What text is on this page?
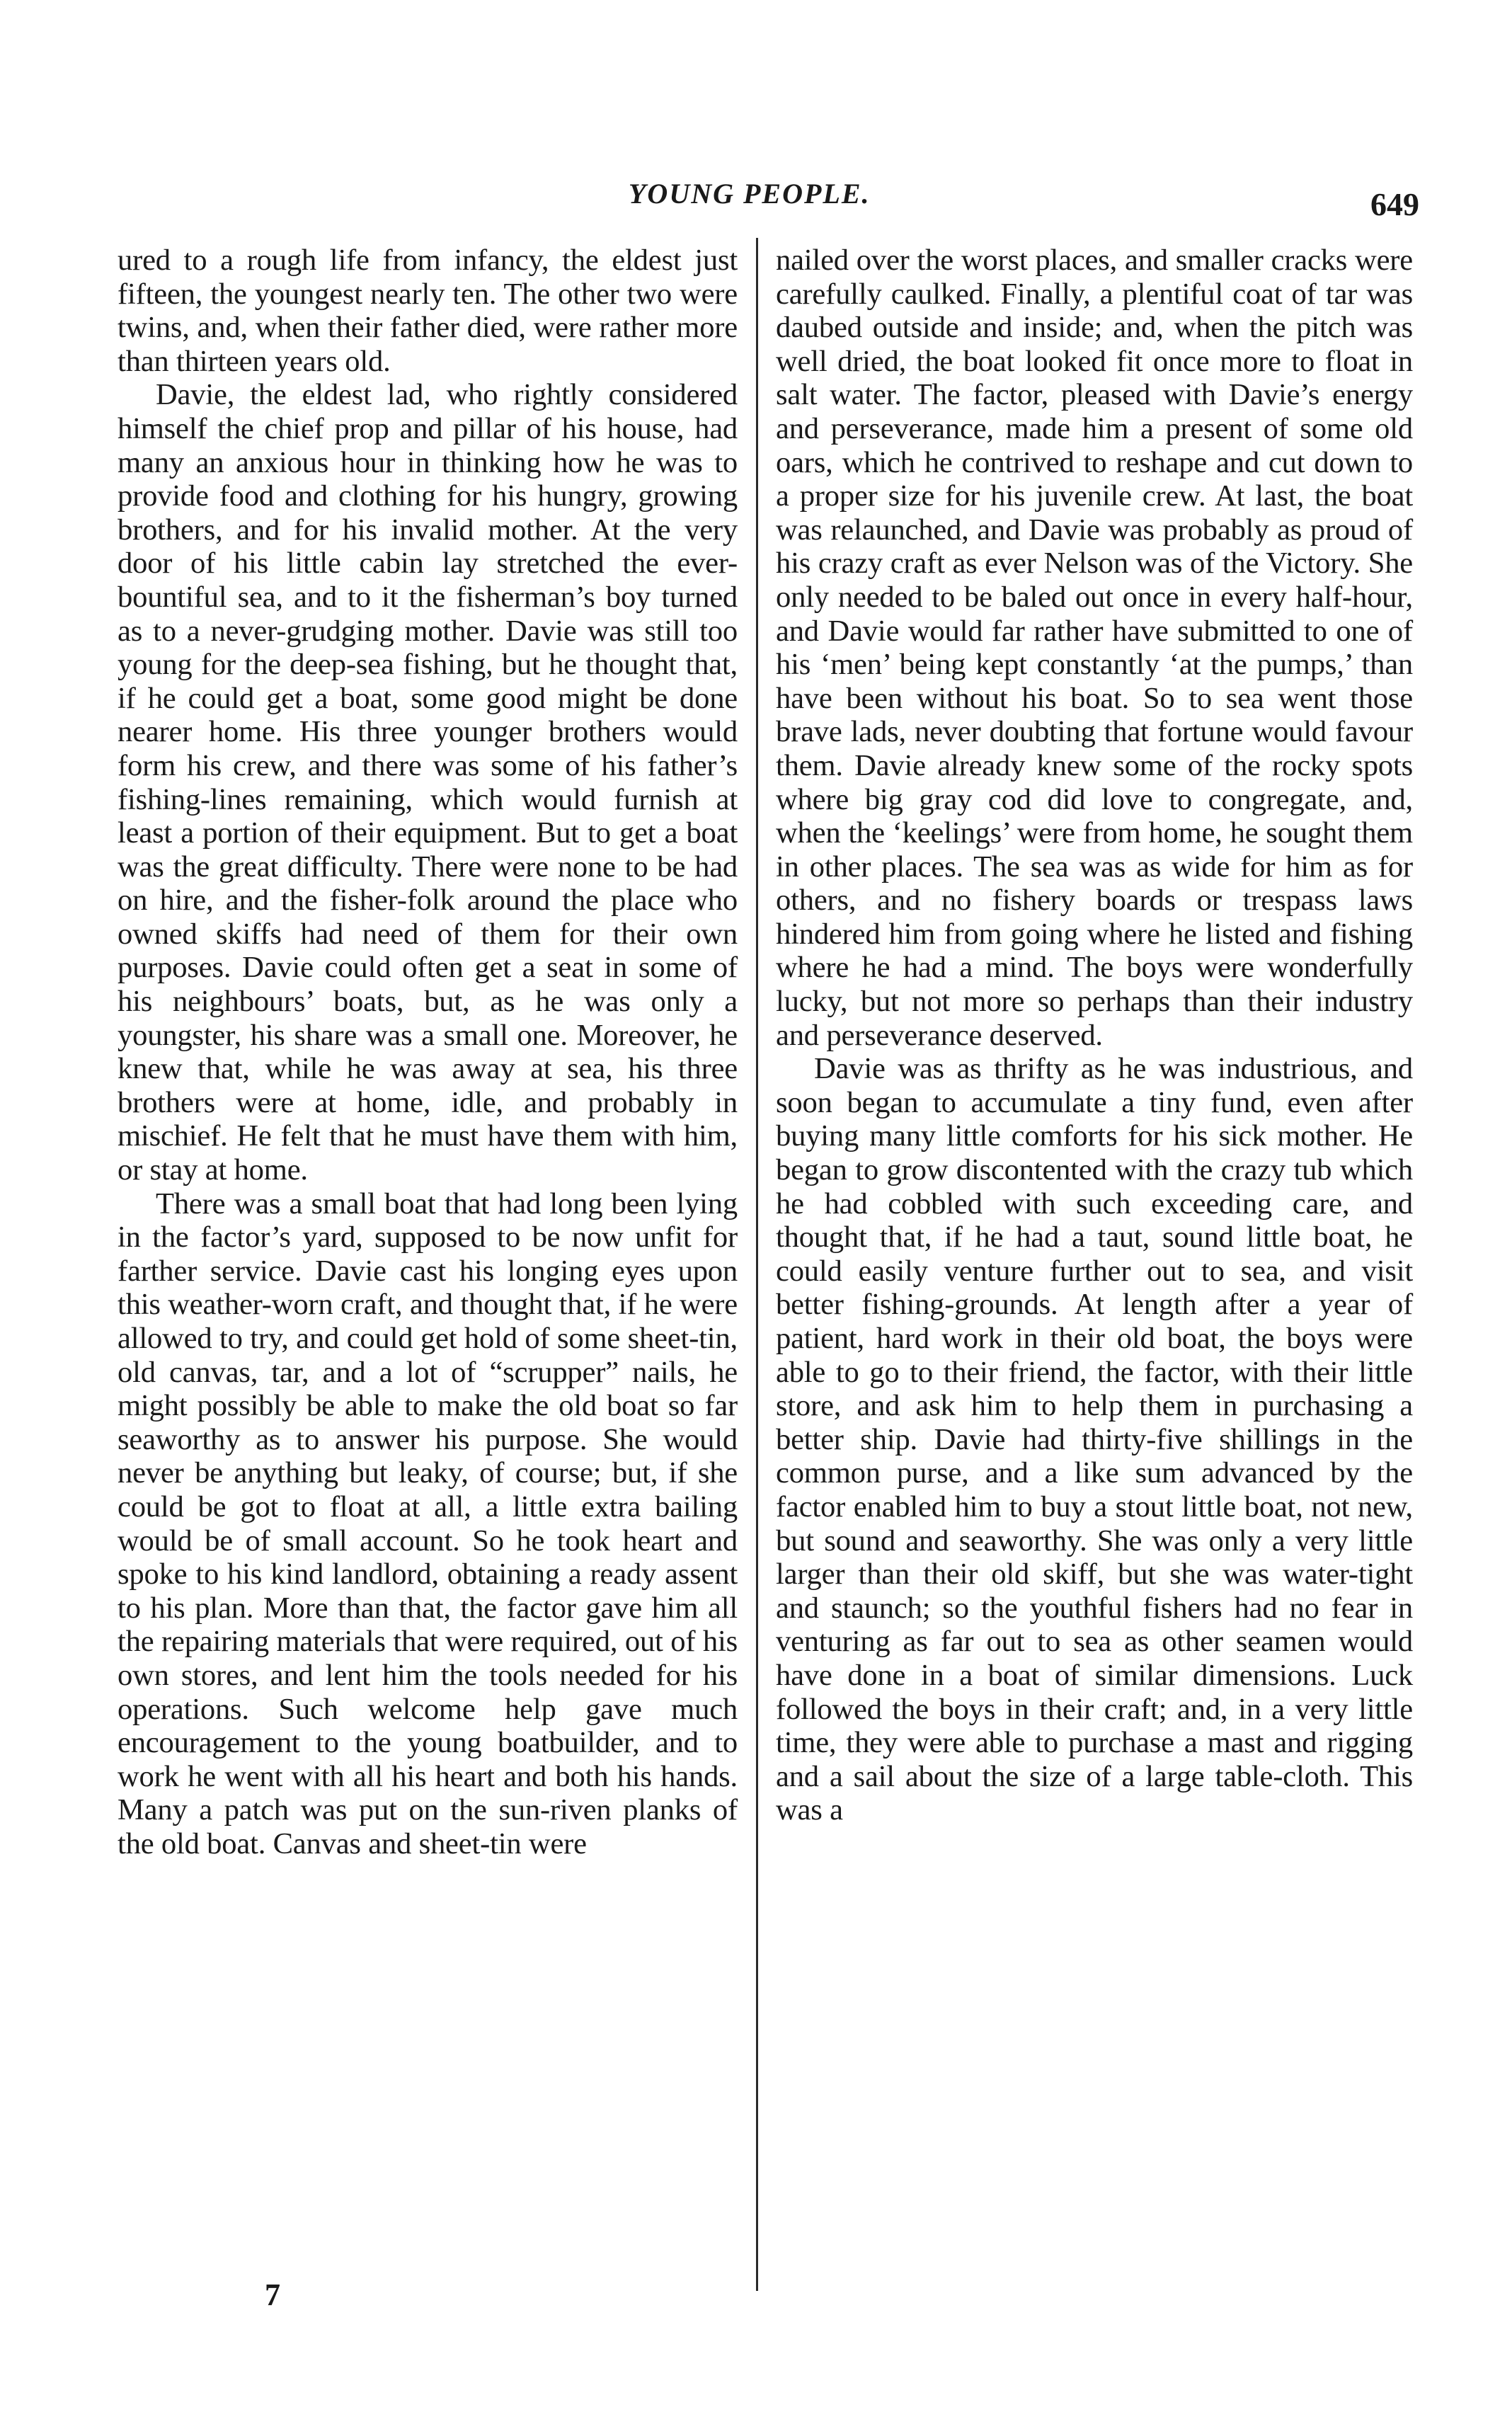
YOUNG PEOPLE.	649

ured to a rough life from infancy, the eldest just fifteen, the youngest nearly ten. The other two were twins, and, when their father died, were rather more than thirteen years old.

Davie, the eldest lad, who rightly considered himself the chief prop and pillar of his house, had many an anxious hour in thinking how he was to provide food and clothing for his hungry, growing brothers, and for his invalid mother. At the very door of his little cabin lay stretched the ever-bountiful sea, and to it the fisherman’s boy turned as to a never-grudging mother. Davie was still too young for the deep-sea fishing, but he thought that, if he could get a boat, some good might be done nearer home. His three younger brothers would form his crew, and there was some of his father’s fishing-lines remaining, which would furnish at least a portion of their equipment. But to get a boat was the great difficulty. There were none to be had on hire, and the fisher-folk around the place who owned skiffs had need of them for their own purposes. Davie could often get a seat in some of his neighbours’ boats, but, as he was only a youngster, his share was a small one. Moreover, he knew that, while he was away at sea, his three brothers were at home, idle, and probably in mischief. He felt that he must have them with him, or stay at home.

There was a small boat that had long been lying in the factor’s yard, supposed to be now unfit for farther service. Davie cast his longing eyes upon this weather-worn craft, and thought that, if he were allowed to try, and could get hold of some sheet-tin, old canvas, tar, and a lot of “scrupper” nails, he might possibly be able to make the old boat so far seaworthy as to answer his purpose. She would never be anything but leaky, of course; but, if she could be got to float at all, a little extra bailing would be of small account. So he took heart and spoke to his kind landlord, obtaining a ready assent to his plan. More than that, the factor gave him all the repairing materials that were required, out of his own stores, and lent him the tools needed for his operations. Such welcome help gave much encouragement to the young boatbuilder, and to work he went with all his heart and both his hands. Many a patch was put on the sun-riven planks of the old boat. Canvas and sheet-tin were

nailed over the worst places, and smaller cracks were carefully caulked. Finally, a plentiful coat of tar was daubed outside and inside; and, when the pitch was well dried, the boat looked fit once more to float in salt water. The factor, pleased with Davie’s energy and perseverance, made him a present of some old oars, which he contrived to reshape and cut down to a proper size for his juvenile crew. At last, the boat was relaunched, and Davie was probably as proud of his crazy craft as ever Nelson was of the Victory. She only needed to be baled out once in every half-hour, and Davie would far rather have submitted to one of his ‘men’ being kept constantly ‘at the pumps,’ than have been without his boat. So to sea went those brave lads, never doubting that fortune would favour them. Davie already knew some of the rocky spots where big gray cod did love to congregate, and, when the ‘keelings’ were from home, he sought them in other places. The sea was as wide for him as for others, and no fishery boards or trespass laws hindered him from going where he listed and fishing where he had a mind. The boys were wonderfully lucky, but not more so perhaps than their industry and perseverance deserved.

Davie was as thrifty as he was industrious, and soon began to accumulate a tiny fund, even after buying many little comforts for his sick mother. He began to grow discontented with the crazy tub which he had cobbled with such exceeding care, and thought that, if he had a taut, sound little boat, he could easily venture further out to sea, and visit better fishing-grounds. At length after a year of patient, hard work in their old boat, the boys were able to go to their friend, the factor, with their little store, and ask him to help them in purchasing a better ship. Davie had thirty-five shillings in the common purse, and a like sum advanced by the factor enabled him to buy a stout little boat, not new, but sound and seaworthy. She was only a very little larger than their old skiff, but she was water-tight and staunch; so the youthful fishers had no fear in venturing as far out to sea as other seamen would have done in a boat of similar dimensions. Luck followed the boys in their craft; and, in a very little time, they were able to purchase a mast and rigging and a sail about the size of a large table-cloth. This was a

7
